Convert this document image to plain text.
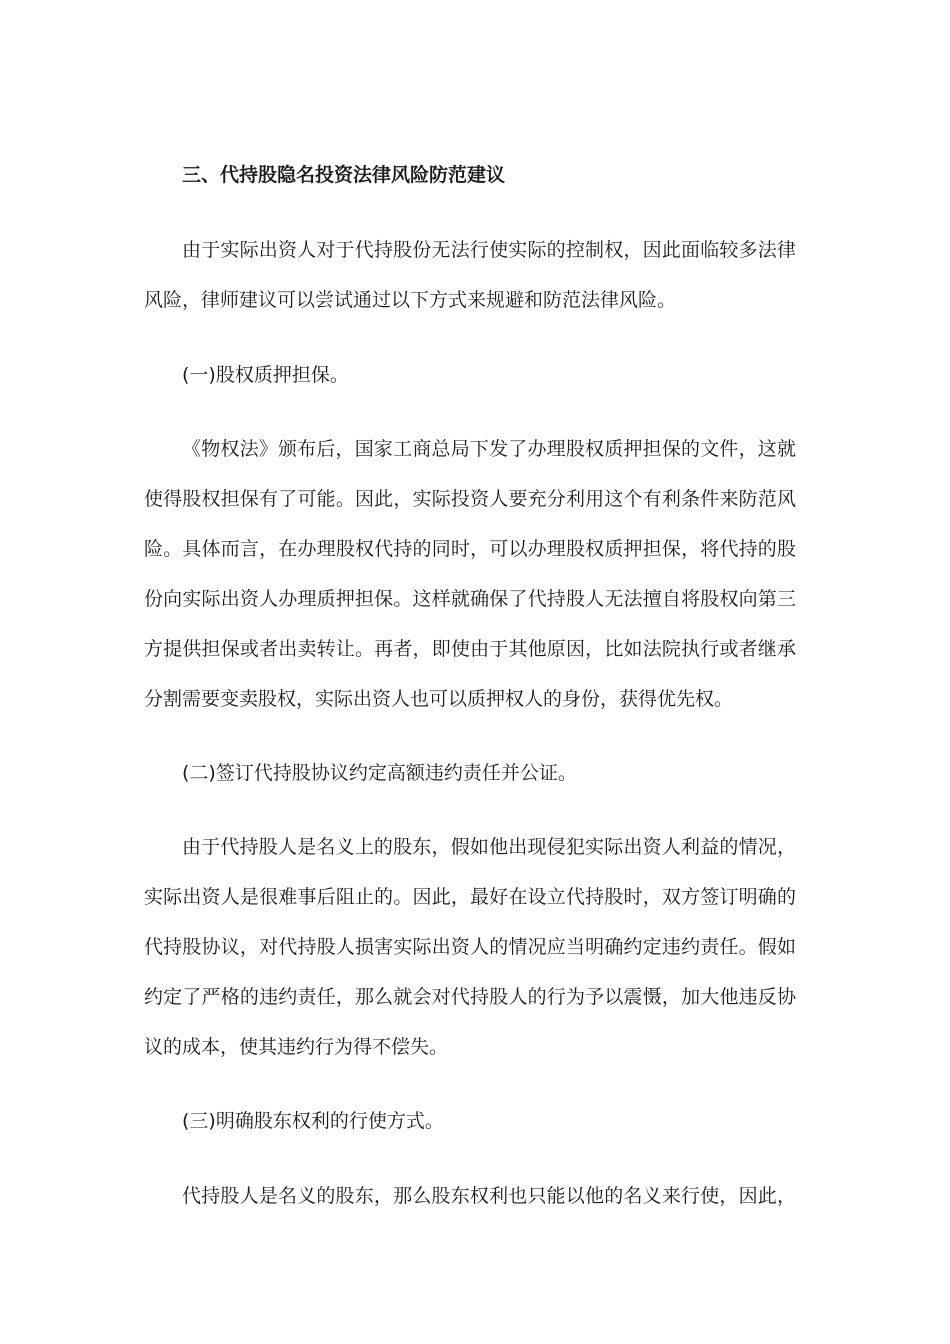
三、代持股隐名投资法律风险防范建议
由于实际出资人对于代持股份无法行使实际的控制权，因此面临较多法律
风险，律师建议可以尝试通过以下方式来规避和防范法律风险。
(一)股权质押担保。
《物权法》颁布后，国家工商总局下发了办理股权质押担保的文件，这就
使得股权担保有了可能。因此，实际投资人要充分利用这个有利条件来防范风
险。具体而言，在办理股权代持的同时，可以办理股权质押担保，将代持的股
份向实际出资人办理质押担保。这样就确保了代持股人无法擅自将股权向第三
方提供担保或者出卖转让。再者，即使由于其他原因，比如法院执行或者继承
分割需要变卖股权，实际出资人也可以质押权人的身份，获得优先权。
(二)签订代持股协议约定高额违约责任并公证。
由于代持股人是名义上的股东，假如他出现侵犯实际出资人利益的情况，
实际出资人是很难事后阻止的。因此，最好在设立代持股时，双方签订明确的
代持股协议，对代持股人损害实际出资人的情况应当明确约定违约责任。假如
约定了严格的违约责任，那么就会对代持股人的行为予以震慑，加大他违反协
议的成本，使其违约行为得不偿失。
(三)明确股东权利的行使方式。
代持股人是名义的股东，那么股东权利也只能以他的名义来行使，因此，
